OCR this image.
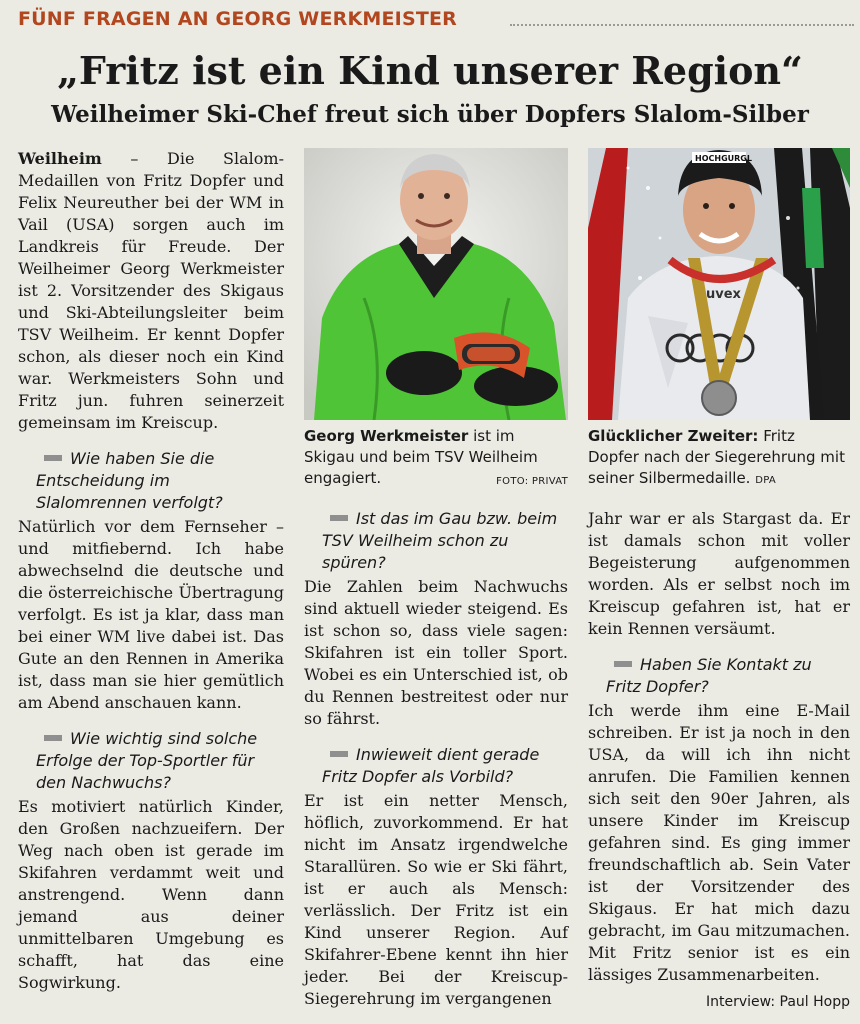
FÜNF FRAGEN AN GEORG WERKMEISTER
„Fritz ist ein Kind unserer Region“
Weilheimer Ski-Chef freut sich über Dopfers Slalom-Silber

Weilheim – Die Slalom-Medaillen von Fritz Dopfer und Felix Neureuther bei der WM in Vail (USA) sorgen auch im Landkreis für Freude. Der Weilheimer Georg Werkmeister ist 2. Vorsitzender des Skigaus und Ski-Abteilungsleiter beim TSV Weilheim. Er kennt Dopfer schon, als dieser noch ein Kind war. Werkmeisters Sohn und Fritz jun. fuhren seinerzeit gemeinsam im Kreiscup.

Wie haben Sie die Entscheidung im Slalomrennen verfolgt?

Natürlich vor dem Fernseher – und mitfiebernd. Ich habe abwechselnd die deutsche und die österreichische Übertragung verfolgt. Es ist ja klar, dass man bei einer WM live dabei ist. Das Gute an den Rennen in Amerika ist, dass man sie hier gemütlich am Abend anschauen kann.

Wie wichtig sind solche Erfolge der Top-Sportler für den Nachwuchs?

Es motiviert natürlich Kinder, den Großen nachzueifern. Der Weg nach oben ist gerade im Skifahren verdammt weit und anstrengend. Wenn dann jemand aus deiner unmittelbaren Umgebung es schafft, hat das eine Sogwirkung.

uvex
HOCHGURGL
Georg Werkmeister ist im Skigau und beim TSV Weilheim engagiert.	FOTO: PRIVAT
Glücklicher Zweiter: Fritz Dopfer nach der Siegerehrung mit seiner Silbermedaille. DPA
Ist das im Gau bzw. beim TSV Weilheim schon zu spüren?

Die Zahlen beim Nachwuchs sind aktuell wieder steigend. Es ist schon so, dass viele sagen: Skifahren ist ein toller Sport. Wobei es ein Unterschied ist, ob du Rennen bestreitest oder nur so fährst.

Inwieweit dient gerade Fritz Dopfer als Vorbild?

Er ist ein netter Mensch, höflich, zuvorkommend. Er hat nicht im Ansatz irgendwelche Starallüren. So wie er Ski fährt, ist er auch als Mensch: verlässlich. Der Fritz ist ein Kind unserer Region. Auf Skifahrer-Ebene kennt ihn hier jeder. Bei der Kreiscup-Siegerehrung im vergangenen

Jahr war er als Stargast da. Er ist damals schon mit voller Begeisterung aufgenommen worden. Als er selbst noch im Kreiscup gefahren ist, hat er kein Rennen versäumt.

Haben Sie Kontakt zu Fritz Dopfer?

Ich werde ihm eine E-Mail schreiben. Er ist ja noch in den USA, da will ich ihn nicht anrufen. Die Familien kennen sich seit den 90er Jahren, als unsere Kinder im Kreiscup gefahren sind. Es ging immer freundschaftlich ab. Sein Vater ist der Vorsitzender des Skigaus. Er hat mich dazu gebracht, im Gau mitzumachen. Mit Fritz senior ist es ein lässiges Zusammenarbeiten.

Interview: Paul Hopp
